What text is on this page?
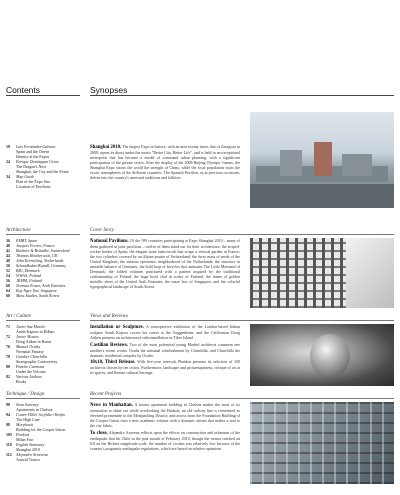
Contents	Synopses
19	Luis Fernández-Galiano
Spain and the Orient
Identity at the Expos
24	Enrique Domínguez Uceta
The Dragon's Nest
Shanghai, the City and the Event
34	Map Guide
Plan of the Expo Site
Location of Pavilions

Shanghai 2010. The largest Expo in history, with an area twenty times that of Zaragoza in 2008, opens its doors under the motto "Better City, Better Life", and is held in an exceptional metropolis that has become a model of command urban planning, with a significant participation of the private sector. After the display of the 2008 Beijing Olympic Games, the Shanghai Expo shows the world the strength of China, while the local population visits the exotic atmospheres of the different countries. The Spanish Pavilion, as in previous occasions, delves into the country's ancestral traditions and folklore.

Architecture	Cover Story
36	EMBT, Spain
40	Jacques Ferrier, France
42	Buchner & Bründler, Switzerland
44	Thomas Heatherwick, UK
48	John Körmeling, Netherlands
50	Schmidhuber/Kaindl, Germany
52	BIG, Denmark
54	WWAA, Poland
56	JKMM, Finland
60	Norman Foster, Arab Emirates
64	Kay Ngee Tan, Singapore
66	Mass Studies, South Korea

National Pavilions. Of the 189 countries participating at Expo Shanghai 2010 – many of them gathered in joint pavilions – twelve of them stand out for their architecture: the striped-wicker basket of Spain; the elegant stone latticework that wraps a vertical garden in France; the two cylinders covered by an Alpine prairie of Switzerland; the furry mass of seeds of the United Kingdom; the sinuous optimistic neighborhood of the Netherlands; the structure in unstable balance of Germany; the bold loop of bicycles that animates The Little Mermaid of Denmark; the folded volumes punctured with a pattern inspired by the traditional craftsmanship of Poland; the huge bowl clad in scales of Finland; the dunes of golden metallic sheet of the United Arab Emirates; the maze box of Singapore; and the colorful typographical landscape of South Korea.

Art / Culture	Views and Reviews
71	Javier Saz Martín
Anish Kapoor in Bilbao
72	Javier Montes
Doug Aitken in Rome
76	Manuel Ocaña
Neonatal Fantasy
78	Gunther Chinchilla
Stratigraphic Controversy
80	Pancho Carmona
Under the Volcano
82	Various Authors
Books

Installation or Sculpture. A retrospective exhibition of the London-based Indian sculptor Anish Kapoor covers his career at the Guggenheim; and the Californian Doug Aitken presents an architectural videoinstallation in Tiber Island.

Castilian Reviews. Two of the most polemical young Madrid architects comment one another's recent works: Ocaña the artisanal refurbishment by Chinchilla, and Chinchilla the dramatic residential complex by Ocaña.

10x10, Third Release. With five-year intervals Phaidon presents its selection of 100 architects chosen by ten critics. Furthermore, landscape and picturesqueness, critique of art at its spaces, and Iberian cultural heritage.

Technique / Design	Recent Projects
90	Sean Sweeney
Apartments in Chelsea
94	Comer-Diller Scofidio+Renfro
The High Line
98	Morphosis
Building for the Cooper Union
105	Predock
Milan Fair
110	English Summary
Shanghai 2010
112	Alejandro Arravena
Austral Tronco

News in Manhattan. A luxury apartment building in Chelsea makes the most of its orientation to shine out while overlooking the Hudson; an old railway line is reinvented as elevated promenade in the Meatpacking District; and across from the Foundation Building of the Cooper Union rises a new academic volume with a dynamic atrium that makes a nod to the city fabric.

To close, Alejandro Aravena reflects upon the effects on construction and urbanism of the earthquake that hit Chile in the past month of February 2010; though the tremor reached an 8.8 on the Richter magnitude scale, the number of victims was relatively low because of the country's pragmatic earthquake regulations, which are based on relative optimism.
